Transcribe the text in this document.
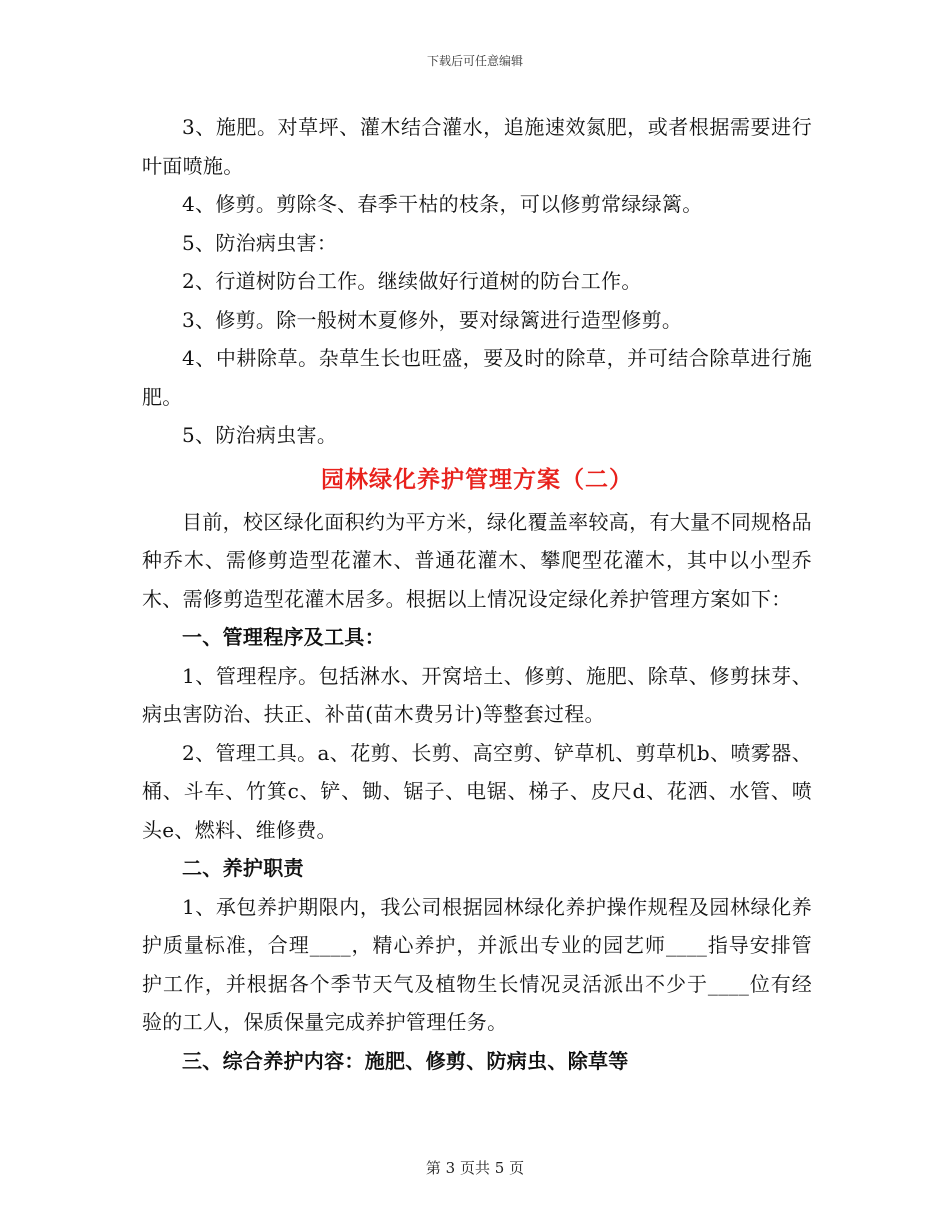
下载后可任意编辑

3、施肥。对草坪、灌木结合灌水，追施速效氮肥，或者根据需要进行叶面喷施。

4、修剪。剪除冬、春季干枯的枝条，可以修剪常绿绿篱。

5、防治病虫害：

2、行道树防台工作。继续做好行道树的防台工作。

3、修剪。除一般树木夏修外，要对绿篱进行造型修剪。

4、中耕除草。杂草生长也旺盛，要及时的除草，并可结合除草进行施肥。

5、防治病虫害。

园林绿化养护管理方案（二）

目前，校区绿化面积约为平方米，绿化覆盖率较高，有大量不同规格品种乔木、需修剪造型花灌木、普通花灌木、攀爬型花灌木，其中以小型乔木、需修剪造型花灌木居多。根据以上情况设定绿化养护管理方案如下：

一、管理程序及工具：

1、管理程序。包括淋水、开窝培土、修剪、施肥、除草、修剪抹芽、病虫害防治、扶正、补苗(苗木费另计)等整套过程。

2、管理工具。a、花剪、长剪、高空剪、铲草机、剪草机b、喷雾器、桶、斗车、竹箕c、铲、锄、锯子、电锯、梯子、皮尺d、花洒、水管、喷头e、燃料、维修费。

二、养护职责

1、承包养护期限内，我公司根据园林绿化养护操作规程及园林绿化养护质量标准，合理____，精心养护，并派出专业的园艺师____指导安排管护工作，并根据各个季节天气及植物生长情况灵活派出不少于____位有经验的工人，保质保量完成养护管理任务。

三、综合养护内容：施肥、修剪、防病虫、除草等

第 3 页共 5 页
